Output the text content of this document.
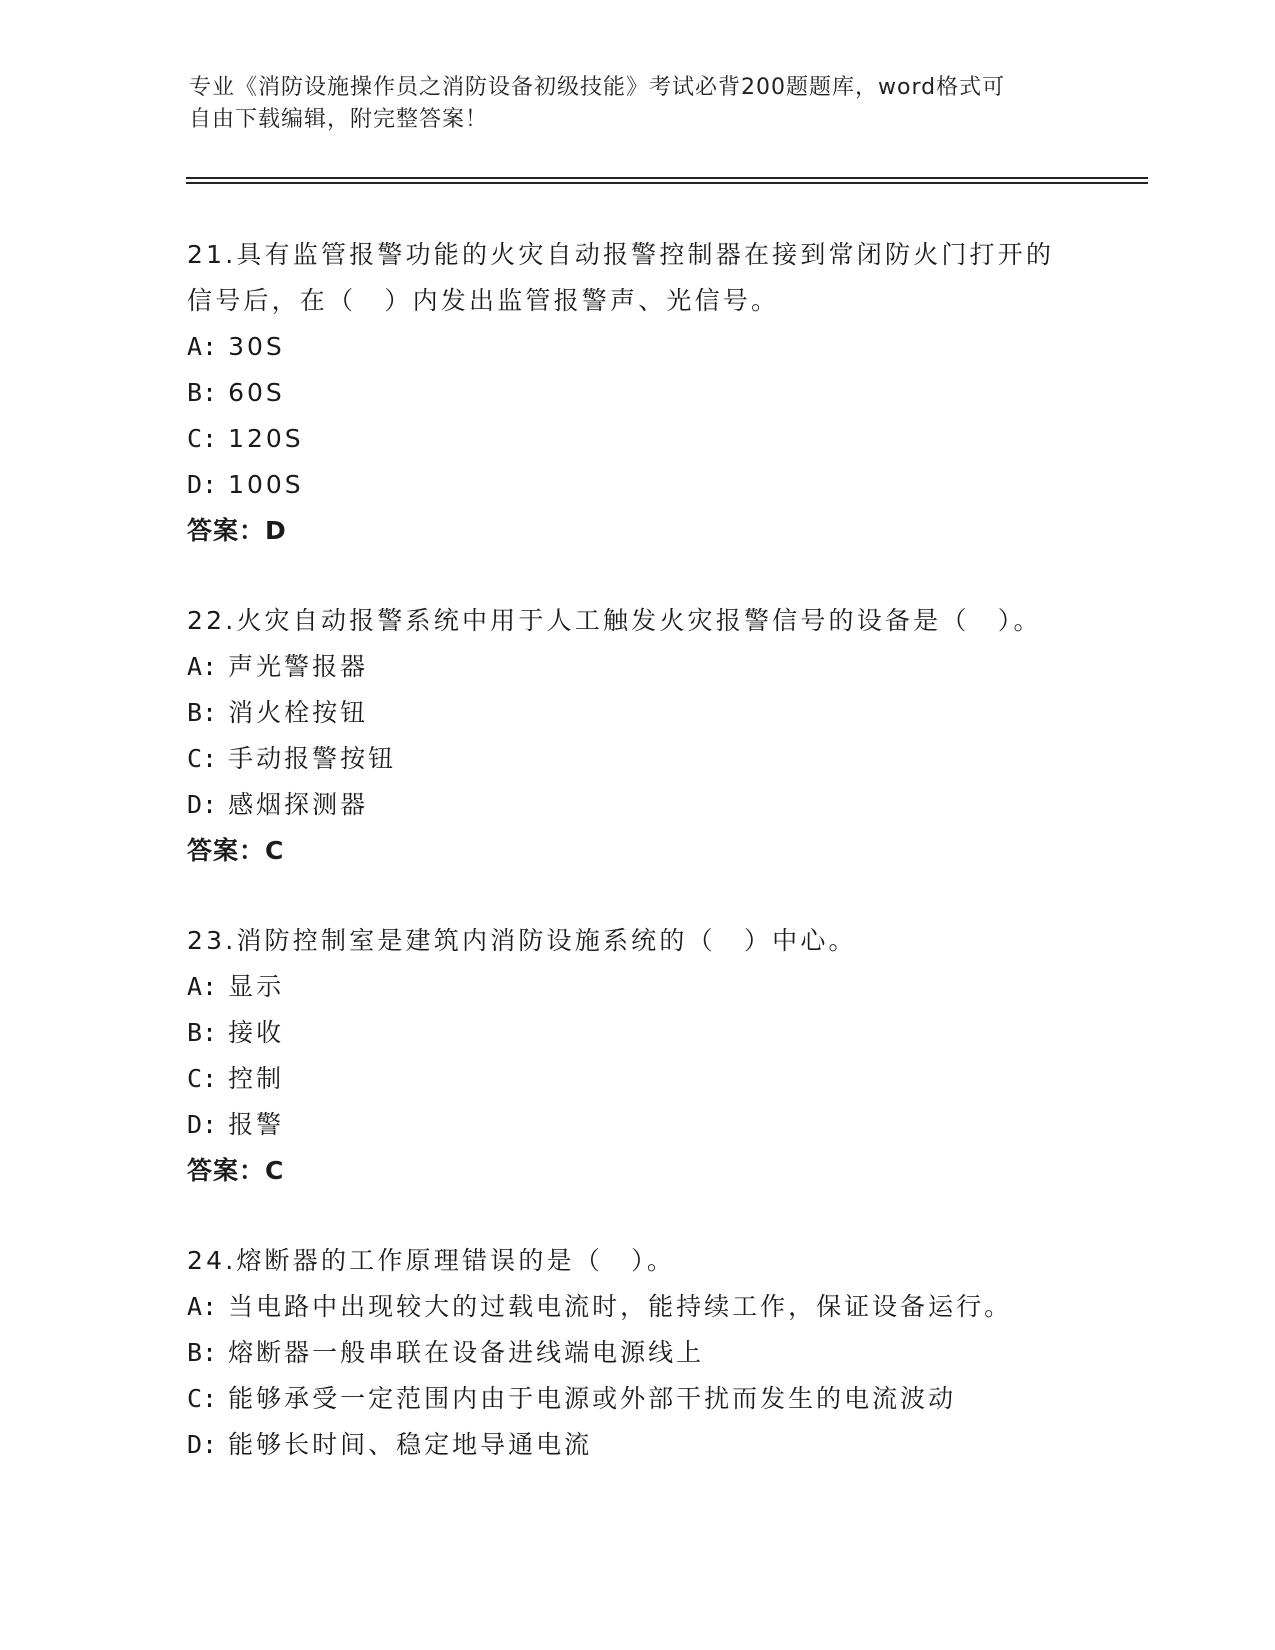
专业《消防设施操作员之消防设备初级技能》考试必背200题题库，word格式可

自由下载编辑，附完整答案！

21.具有监管报警功能的火灾自动报警控制器在接到常闭防火门打开的

信号后，在（　）内发出监管报警声、光信号。

A: 30S

B: 60S

C: 120S

D: 100S

答案：D

22.火灾自动报警系统中用于人工触发火灾报警信号的设备是（　）。

A: 声光警报器

B: 消火栓按钮

C: 手动报警按钮

D: 感烟探测器

答案：C

23.消防控制室是建筑内消防设施系统的（　）中心。

A: 显示

B: 接收

C: 控制

D: 报警

答案：C

24.熔断器的工作原理错误的是（　）。

A: 当电路中出现较大的过载电流时，能持续工作，保证设备运行。

B: 熔断器一般串联在设备进线端电源线上

C: 能够承受一定范围内由于电源或外部干扰而发生的电流波动

D: 能够长时间、稳定地导通电流
